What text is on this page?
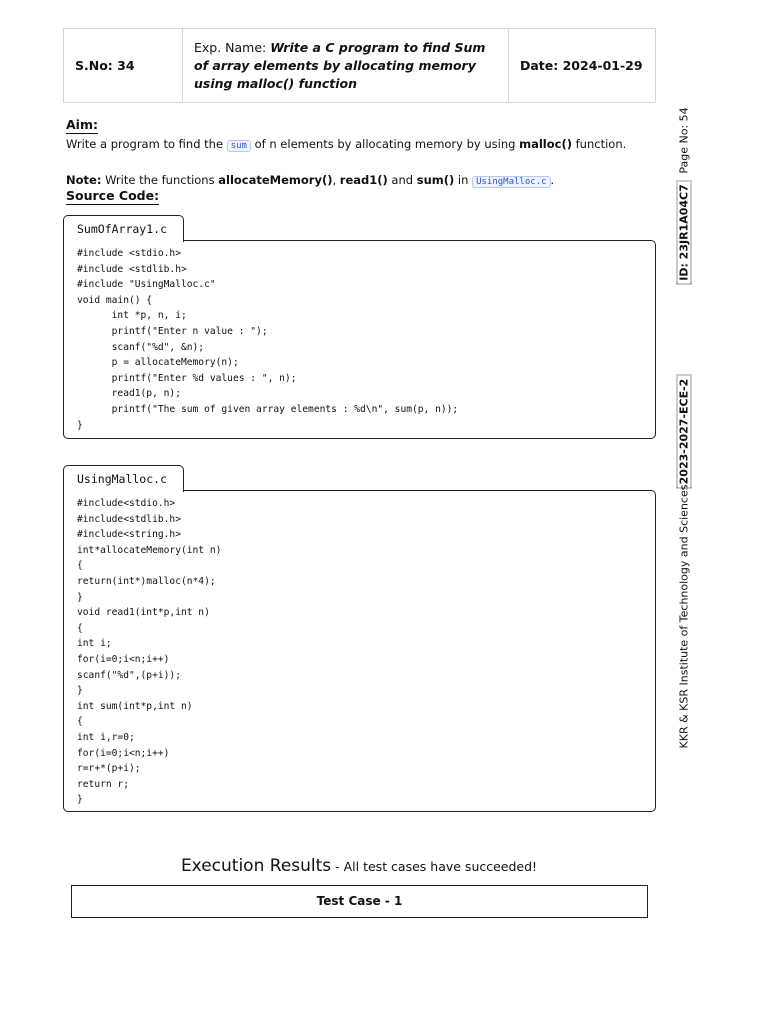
S.No: 34
Exp. Name: Write a C program to find Sum of array elements by allocating memory using malloc() function
Date: 2024-01-29
Aim:
Write a program to find the sum of n elements by allocating memory by using malloc() function.
Note: Write the functions allocateMemory(), read1() and sum() in UsingMalloc.c .
Source Code:
SumOfArray1.c
#include <stdio.h>
#include <stdlib.h>
#include "UsingMalloc.c"
void main() {
	int *p, n, i;
	printf("Enter n value : ");
	scanf("%d", &n);
	p = allocateMemory(n);
	printf("Enter %d values : ", n);
	read1(p, n);
	printf("The sum of given array elements : %d\n", sum(p, n));
}
UsingMalloc.c
#include<stdio.h>
#include<stdlib.h>
#include<string.h>
int*allocateMemory(int n)
{
return(int*)malloc(n*4);
}
void read1(int*p,int n)
{
int i;
for(i=0;i<n;i++)
scanf("%d",(p+i));
}
int sum(int*p,int n)
{
int i,r=0;
for(i=0;i<n;i++)
r=r+*(p+i);
return r;
}
Execution Results - All test cases have succeeded!
Test Case - 1
Page No: 54
ID: 23JR1A04C7
2023-2027-ECE-2
KKR & KSR Institute of Technology and Sciences
